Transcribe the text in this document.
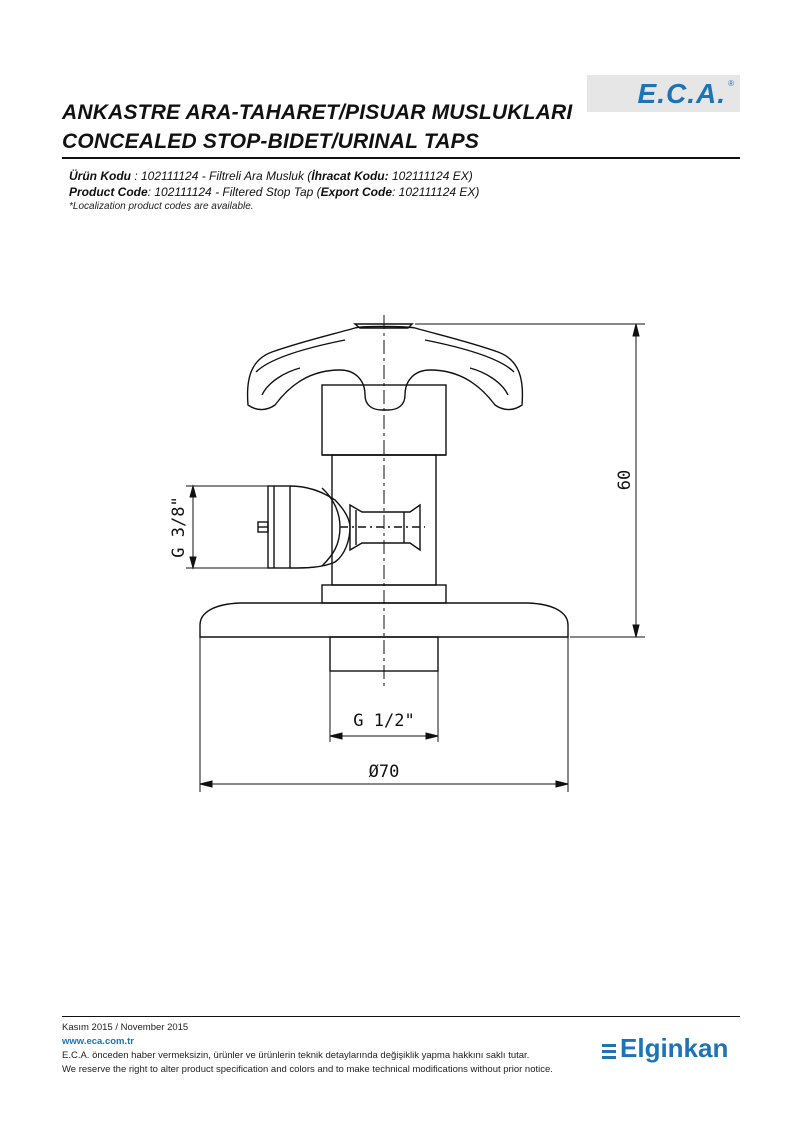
E.C.A. ®
ANKASTRE ARA-TAHARET/PISUAR MUSLUKLARI
CONCEALED STOP-BIDET/URINAL TAPS
Ürün Kodu : 102111124 - Filtreli Ara Musluk (İhracat Kodu: 102111124 EX)
Product Code: 102111124 - Filtered Stop Tap (Export Code: 102111124 EX)
*Localization product codes are available.
60
G 3/8"
G 1/2"
Ø70
Kasım 2015 / November 2015
www.eca.com.tr
E.C.A. önceden haber vermeksizin, ürünler ve ürünlerin teknik detaylarında değişiklik yapma hakkını saklı tutar.
We reserve the right to alter product specification and colors and to make technical modifications without prior notice.
Elginkan
